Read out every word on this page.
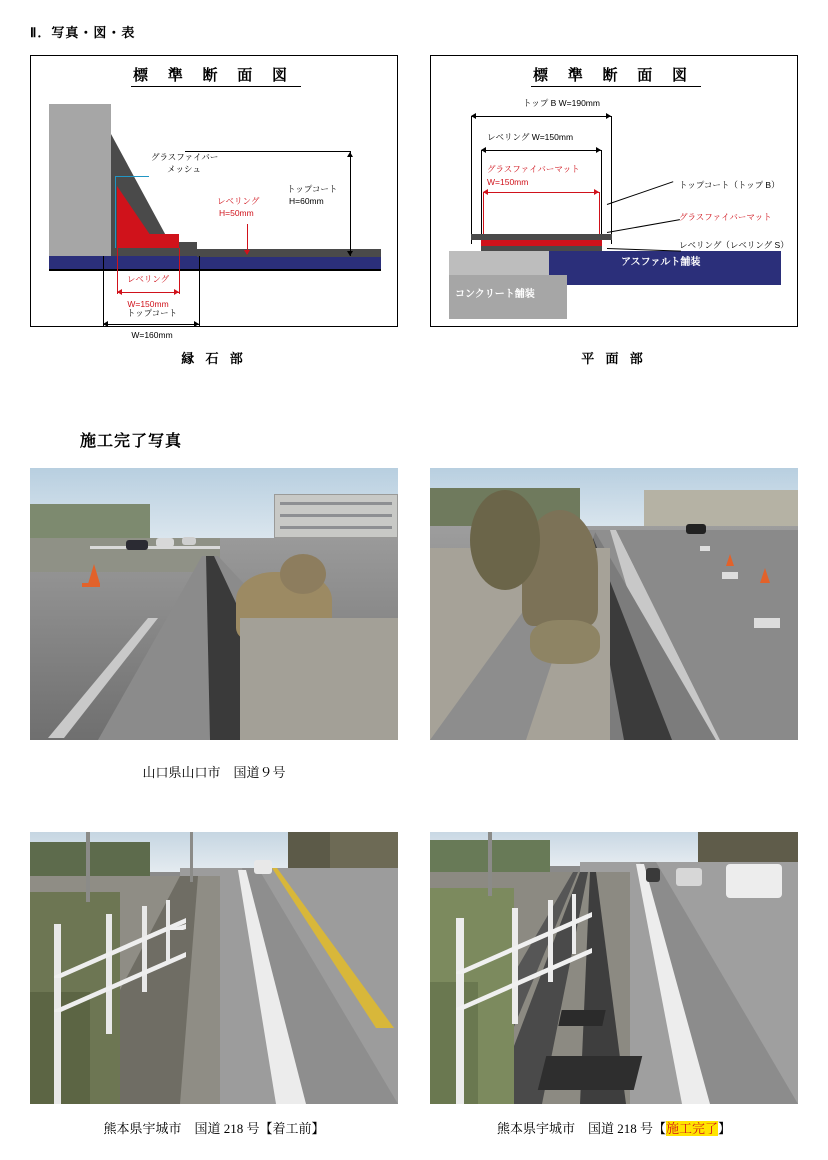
Ⅱ．写真・図・表
標 準 断 面 図
グラスファイバー
メッシュ
レベリング
H=50mm
トップコート
H=60mm
レベリング
W=150mm
トップコート
W=160mm
縁 石 部
標 準 断 面 図
トップ B W=190mm
レベリング W=150mm
グラスファイバーマット
W=150mm
アスファルト舗装
コンクリート舗装
トップコート（トップ B）
グラスファイバーマット
レベリング（レベリング S）
平 面 部
施工完了写真
山口県山口市　国道９号
熊本県宇城市　国道 218 号【着工前】	熊本県宇城市　国道 218 号【施工完了】
